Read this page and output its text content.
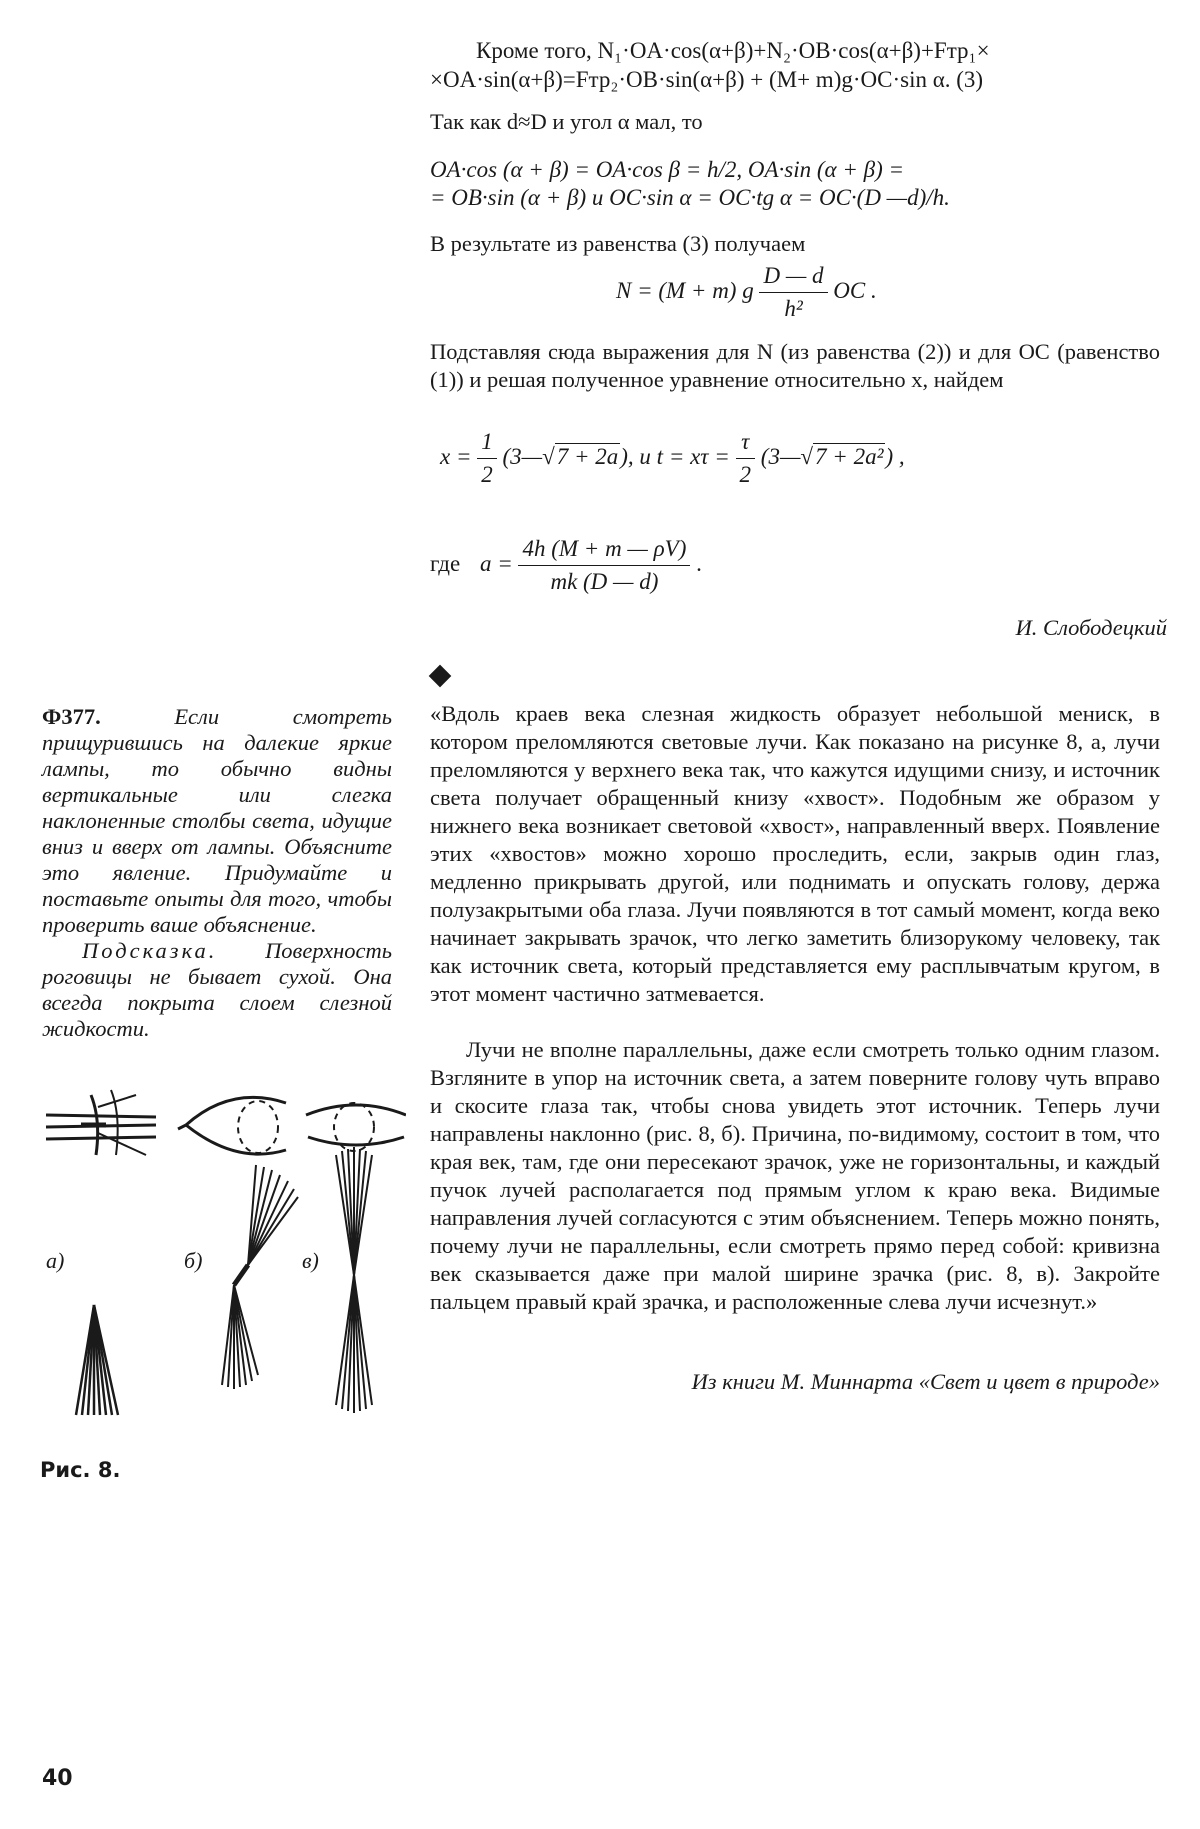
Кроме того, N₁·OA·cos(α+β)+N₂·OB·cos(α+β)+Fтр₁×
×OA·sin(α+β)=Fтр₂·OB·sin(α+β) + (M+ m)g·OC·sin α. (3)
Так как d≈D и угол α мал, то
OA·cos (α + β) = OA·cos β = h/2, OA·sin (α + β) =
= OB·sin (α + β) и OC·sin α = OC·tg α = OC·(D —d)/h.
В результате из равенства (3) получаем
N = (M + m) g $\frac{D — d}{\text{h²}}$ OC .
Подставляя сюда выражения для N (из равенства (2)) и для OC (равенство (1)) и решая полученное уравнение относительно x, найдем
$x = \frac{1}{2}$ (3—√7 + 2a), и $t = x\tau = \frac{\tau}{2}$ (3—√7 + 2a²) ,
где $a = \frac{4h (M + m — \rho V)}{mk (D — d)}$ .
И. Слободецкий

Ф377.	Если смотреть прищурившись на далекие яркие лампы, то обычно видны вертикальные или слегка наклоненные столбы света, идущие вниз и вверх от лампы. Объясните это явление. Придумайте и поставьте опыты для того, чтобы проверить ваше объяснение.

Подсказка. Поверхность роговицы не бывает сухой. Она всегда покрыта слоем слезной жидкости.

а)	б)	в)
Рис. 8.
«Вдоль краев века слезная жидкость образует небольшой мениск, в котором преломляются световые лучи. Как показано на рисунке 8, а, лучи преломляются у верхнего века так, что кажутся идущими снизу, и источник света получает обращенный книзу «хвост». Подобным же образом у нижнего века возникает световой «хвост», направленный вверх. Появление этих «хвостов» можно хорошо проследить, если, закрыв один глаз, медленно прикрывать другой, или поднимать и опускать голову, держа полузакрытыми оба глаза. Лучи появляются в тот самый момент, когда веко начинает закрывать зрачок, что легко заметить близорукому человеку, так как источник света, который представляется ему расплывчатым кругом, в этот момент частично затмевается.
Лучи не вполне параллельны, даже если смотреть только одним глазом. Взгляните в упор на источник света, а затем поверните голову чуть вправо и скосите глаза так, чтобы снова увидеть этот источник. Теперь лучи направлены наклонно (рис. 8, б). Причина, по-видимому, состоит в том, что края век, там, где они пересекают зрачок, уже не горизонтальны, и каждый пучок лучей располагается под прямым углом к краю века. Видимые направления лучей согласуются с этим объяснением. Теперь можно понять, почему лучи не параллельны, если смотреть прямо перед собой: кривизна век сказывается даже при малой ширине зрачка (рис. 8, в). Закройте пальцем правый край зрачка, и расположенные слева лучи исчезнут.»
Из книги М. Миннарта «Свет и цвет в природе»
40
